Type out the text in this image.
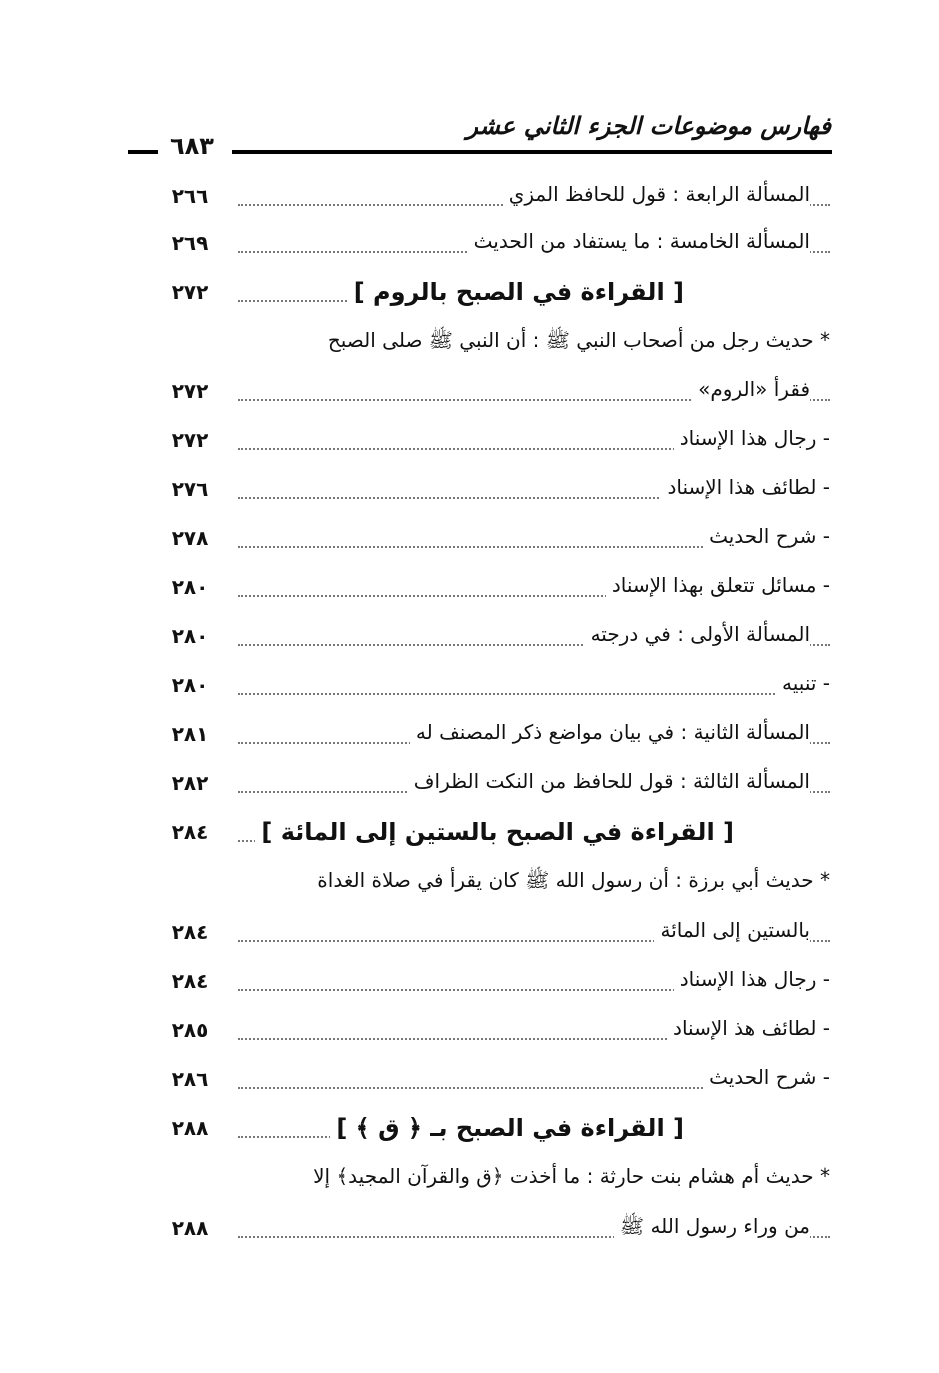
فهارس موضوعات الجزء الثاني عشر
٦٨٣
المسألة الرابعة : قول للحافظ المزي
٢٦٦
المسألة الخامسة : ما يستفاد من الحديث
٢٦٩
[ القراءة في الصبح بالروم ]
٢٧٢
* حديث رجل من أصحاب النبي ﷺ : أن النبي ﷺ صلى الصبح
فقرأ «الروم»
٢٧٢
- رجال هذا الإسناد
٢٧٢
- لطائف هذا الإسناد
٢٧٦
- شرح الحديث
٢٧٨
- مسائل تتعلق بهذا الإسناد
٢٨٠
المسألة الأولى : في درجته
٢٨٠
- تنبيه
٢٨٠
المسألة الثانية : في بيان مواضع ذكر المصنف له
٢٨١
المسألة الثالثة : قول للحافظ من النكت الظراف
٢٨٢
[ القراءة في الصبح بالستين إلى المائة ]
٢٨٤
* حديث أبي برزة : أن رسول الله ﷺ كان يقرأ في صلاة الغداة
بالستين إلى المائة
٢٨٤
- رجال هذا الإسناد
٢٨٤
- لطائف هذ الإسناد
٢٨٥
- شرح الحديث
٢٨٦
[ القراءة في الصبح بـ ﴿ ق ﴾ ]
٢٨٨
* حديث أم هشام بنت حارثة : ما أخذت ﴿ق والقرآن المجيد﴾ إلا
من وراء رسول الله ﷺ
٢٨٨
